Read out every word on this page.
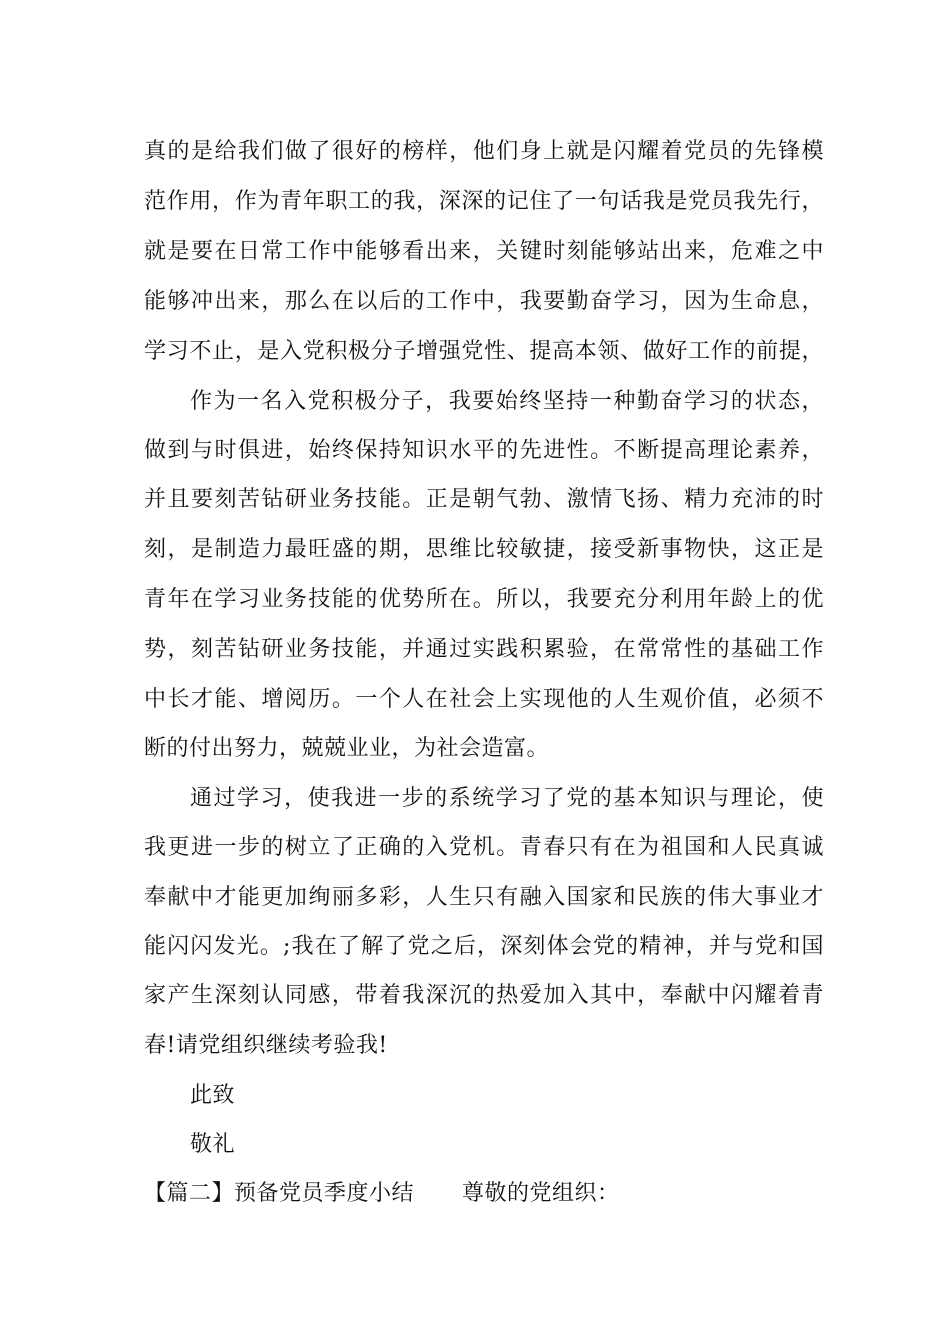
真的是给我们做了很好的榜样，他们身上就是闪耀着党员的先锋模
范作用，作为青年职工的我，深深的记住了一句话我是党员我先行，
就是要在日常工作中能够看出来，关键时刻能够站出来，危难之中
能够冲出来，那么在以后的工作中，我要勤奋学习，因为生命息，
学习不止，是入党积极分子增强党性、提高本领、做好工作的前提，
作为一名入党积极分子，我要始终坚持一种勤奋学习的状态，
做到与时俱进，始终保持知识水平的先进性。不断提高理论素养，
并且要刻苦钻研业务技能。正是朝气勃、激情飞扬、精力充沛的时
刻，是制造力最旺盛的期，思维比较敏捷，接受新事物快，这正是
青年在学习业务技能的优势所在。所以，我要充分利用年龄上的优
势，刻苦钻研业务技能，并通过实践积累验，在常常性的基础工作
中长才能、增阅历。一个人在社会上实现他的人生观价值，必须不
断的付出努力，兢兢业业，为社会造富。
通过学习，使我进一步的系统学习了党的基本知识与理论，使
我更进一步的树立了正确的入党机。青春只有在为祖国和人民真诚
奉献中才能更加绚丽多彩，人生只有融入国家和民族的伟大事业才
能闪闪发光。;我在了解了党之后，深刻体会党的精神，并与党和国
家产生深刻认同感，带着我深沉的热爱加入其中，奉献中闪耀着青
春!请党组织继续考验我!
此致
敬礼
【篇二】预备党员季度小结 尊敬的党组织：
